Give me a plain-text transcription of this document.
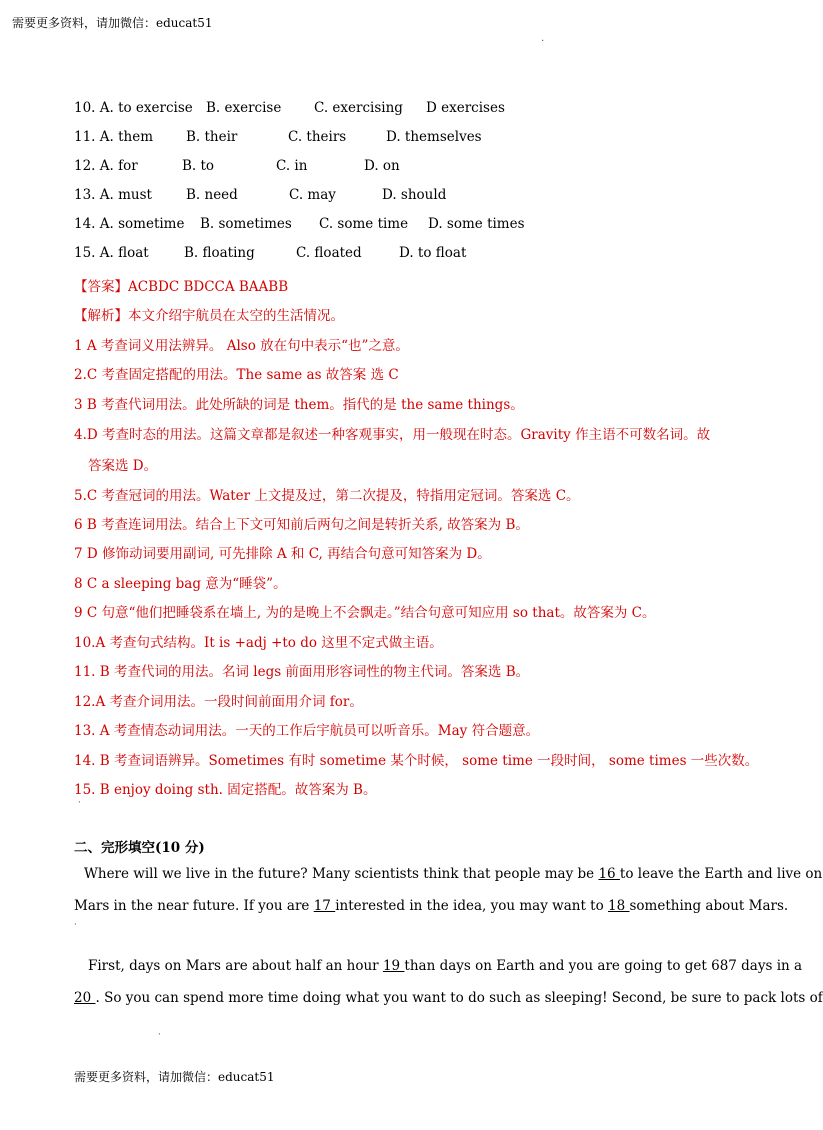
需要更多资料，请加微信：educat51
·
10. A. to exercise B. exercise C. exercising D exercises
11. A. them B. their	C. theirs	D. themselves
12. A. for	B. to	C. in	D. on
13. A. must	B. need	C. may	D. should
14. A. sometime B. sometimes C. some time D. some times
15. A. float	B. floating	C. floated	D. to float
【答案】ACBDC BDCCA BAABB
【解析】本文介绍宇航员在太空的生活情况。
1 A 考查词义用法辨异。 Also 放在句中表示“也”之意。
2.C 考查固定搭配的用法。The same as 故答案 选 C
3 B 考查代词用法。此处所缺的词是 them。指代的是 the same things。
4.D 考查时态的用法。这篇文章都是叙述一种客观事实，用一般现在时态。Gravity 作主语不可数名词。故
答案选 D。
5.C 考查冠词的用法。Water 上文提及过，第二次提及，特指用定冠词。答案选 C。
6 B 考查连词用法。结合上下文可知前后两句之间是转折关系, 故答案为 B。
7 D 修饰动词要用副词, 可先排除 A 和 C, 再结合句意可知答案为 D。
8 C a sleeping bag 意为“睡袋”。
9 C 句意“他们把睡袋系在墙上, 为的是晚上不会飘走。”结合句意可知应用 so that。故答案为 C。
10.A 考查句式结构。It is +adj +to do 这里不定式做主语。
11. B 考查代词的用法。名词 legs 前面用形容词性的物主代词。答案选 B。
12.A 考查介词用法。一段时间前面用介词 for。
13. A 考查情态动词用法。一天的工作后宇航员可以听音乐。May 符合题意。
14. B 考查词语辨异。Sometimes 有时 sometime 某个时候， some time 一段时间， some times 一些次数。
15. B enjoy doing sth. 固定搭配。故答案为 B。
·
二、完形填空(10 分)
Where will we live in the future? Many scientists think that people may be 16 to leave the Earth and live on
Mars in the near future. If you are 17 interested in the idea, you may want to 18 something about Mars.
·
First, days on Mars are about half an hour 19 than days on Earth and you are going to get 687 days in a
20 . So you can spend more time doing what you want to do such as sleeping! Second, be sure to pack lots of
·
需要更多资料，请加微信：educat51
